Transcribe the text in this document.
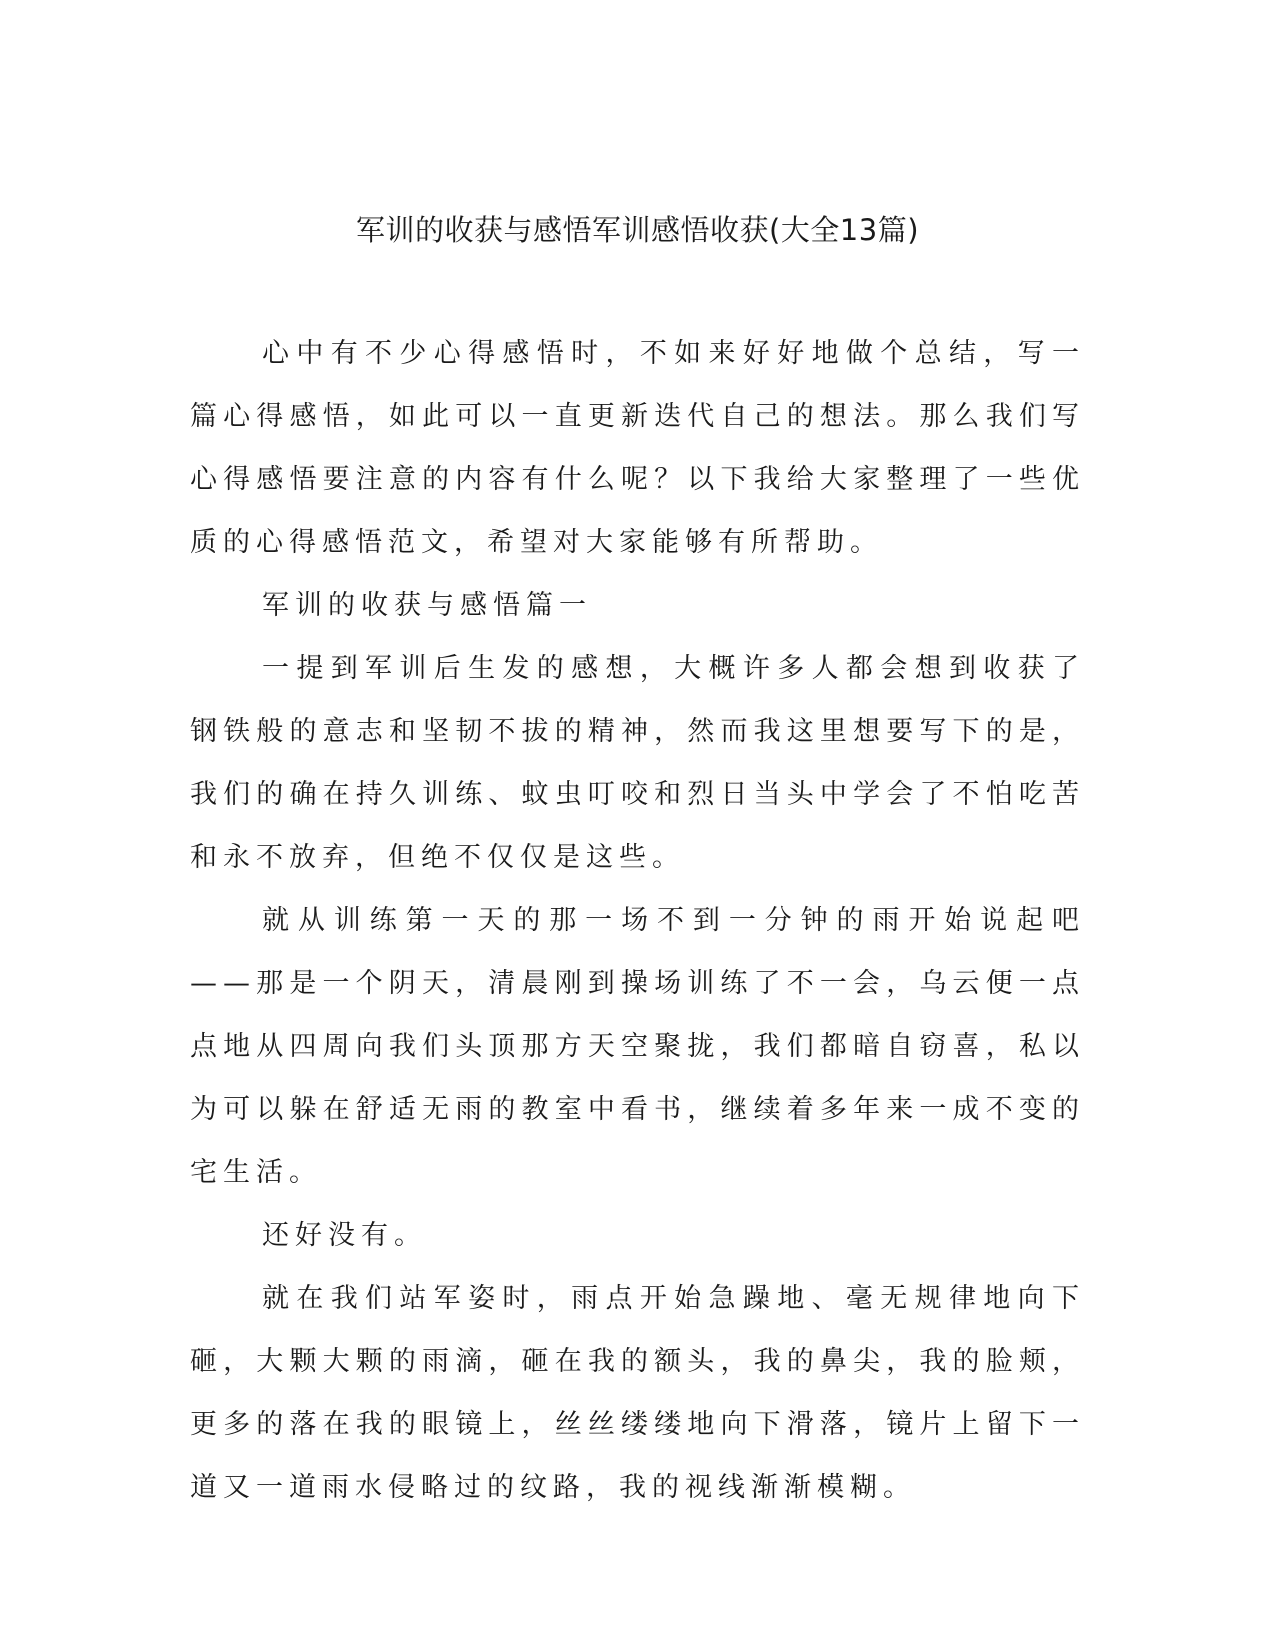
军训的收获与感悟军训感悟收获(大全13篇)

心中有不少心得感悟时，不如来好好地做个总结，写一篇心得感悟，如此可以一直更新迭代自己的想法。那么我们写心得感悟要注意的内容有什么呢？以下我给大家整理了一些优质的心得感悟范文，希望对大家能够有所帮助。

军训的收获与感悟篇一

一提到军训后生发的感想，大概许多人都会想到收获了钢铁般的意志和坚韧不拔的精神，然而我这里想要写下的是，我们的确在持久训练、蚊虫叮咬和烈日当头中学会了不怕吃苦和永不放弃，但绝不仅仅是这些。

就从训练第一天的那一场不到一分钟的雨开始说起吧——那是一个阴天，清晨刚到操场训练了不一会，乌云便一点点地从四周向我们头顶那方天空聚拢，我们都暗自窃喜，私以为可以躲在舒适无雨的教室中看书，继续着多年来一成不变的宅生活。

还好没有。

就在我们站军姿时，雨点开始急躁地、毫无规律地向下砸，大颗大颗的雨滴，砸在我的额头，我的鼻尖，我的脸颊，更多的落在我的眼镜上，丝丝缕缕地向下滑落，镜片上留下一道又一道雨水侵略过的纹路，我的视线渐渐模糊。
